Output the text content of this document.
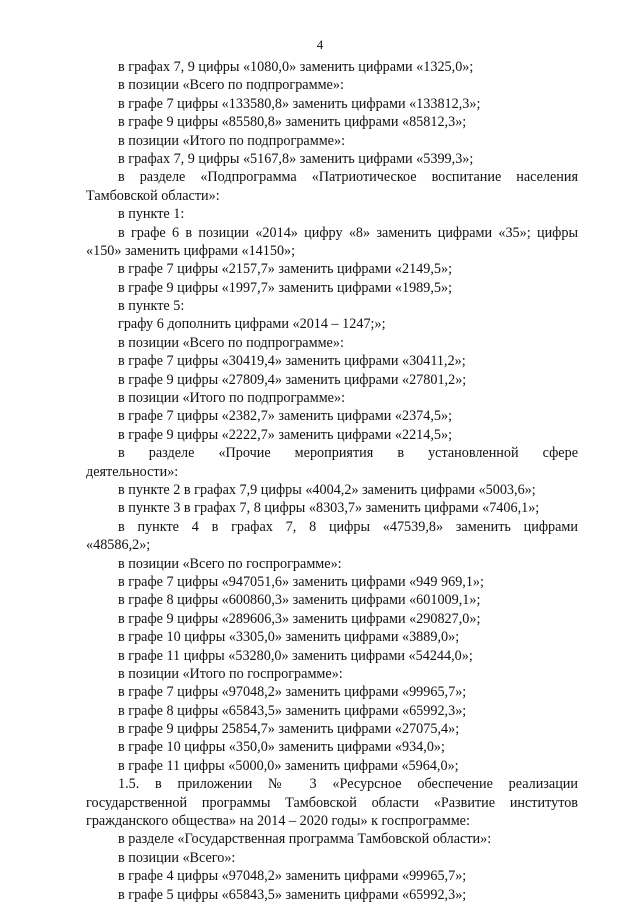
4
в графах 7, 9 цифры «1080,0» заменить цифрами «1325,0»;
в позиции «Всего по подпрограмме»:
в графе 7 цифры «133580,8» заменить цифрами «133812,3»;
в графе 9 цифры «85580,8» заменить цифрами «85812,3»;
в позиции «Итого по подпрограмме»:
в графах 7, 9 цифры «5167,8» заменить цифрами «5399,3»;
в разделе «Подпрограмма «Патриотическое воспитание населения
Тамбовской области»:
в пункте 1:
в графе 6 в позиции «2014» цифру «8» заменить цифрами «35»; цифры
«150» заменить цифрами «14150»;
в графе 7 цифры «2157,7» заменить цифрами «2149,5»;
в графе 9 цифры «1997,7» заменить цифрами «1989,5»;
в пункте 5:
графу 6 дополнить цифрами «2014 – 1247;»;
в позиции «Всего по подпрограмме»:
в графе 7 цифры «30419,4» заменить цифрами «30411,2»;
в графе 9 цифры «27809,4» заменить цифрами «27801,2»;
в позиции «Итого по подпрограмме»:
в графе 7 цифры «2382,7» заменить цифрами «2374,5»;
в графе 9 цифры «2222,7» заменить цифрами «2214,5»;
в разделе «Прочие мероприятия в установленной сфере
деятельности»:
в пункте 2 в графах 7,9 цифры «4004,2» заменить цифрами «5003,6»;
в пункте 3 в графах 7, 8 цифры «8303,7» заменить цифрами «7406,1»;
в пункте 4 в графах 7, 8 цифры «47539,8» заменить цифрами
«48586,2»;
в позиции «Всего по госпрограмме»:
в графе 7 цифры «947051,6» заменить цифрами «949 969,1»;
в графе 8 цифры «600860,3» заменить цифрами «601009,1»;
в графе 9 цифры «289606,3» заменить цифрами «290827,0»;
в графе 10 цифры «3305,0» заменить цифрами «3889,0»;
в графе 11 цифры «53280,0» заменить цифрами «54244,0»;
в позиции «Итого по госпрограмме»:
в графе 7 цифры «97048,2» заменить цифрами «99965,7»;
в графе 8 цифры «65843,5» заменить цифрами «65992,3»;
в графе 9 цифры 25854,7» заменить цифрами «27075,4»;
в графе 10 цифры «350,0» заменить цифрами «934,0»;
в графе 11 цифры «5000,0» заменить цифрами «5964,0»;
1.5. в приложении № 3 «Ресурсное обеспечение реализации
государственной программы Тамбовской области «Развитие институтов
гражданского общества» на 2014 – 2020 годы» к госпрограмме:
в разделе «Государственная программа Тамбовской области»:
в позиции «Всего»:
в графе 4 цифры «97048,2» заменить цифрами «99965,7»;
в графе 5 цифры «65843,5» заменить цифрами «65992,3»;
